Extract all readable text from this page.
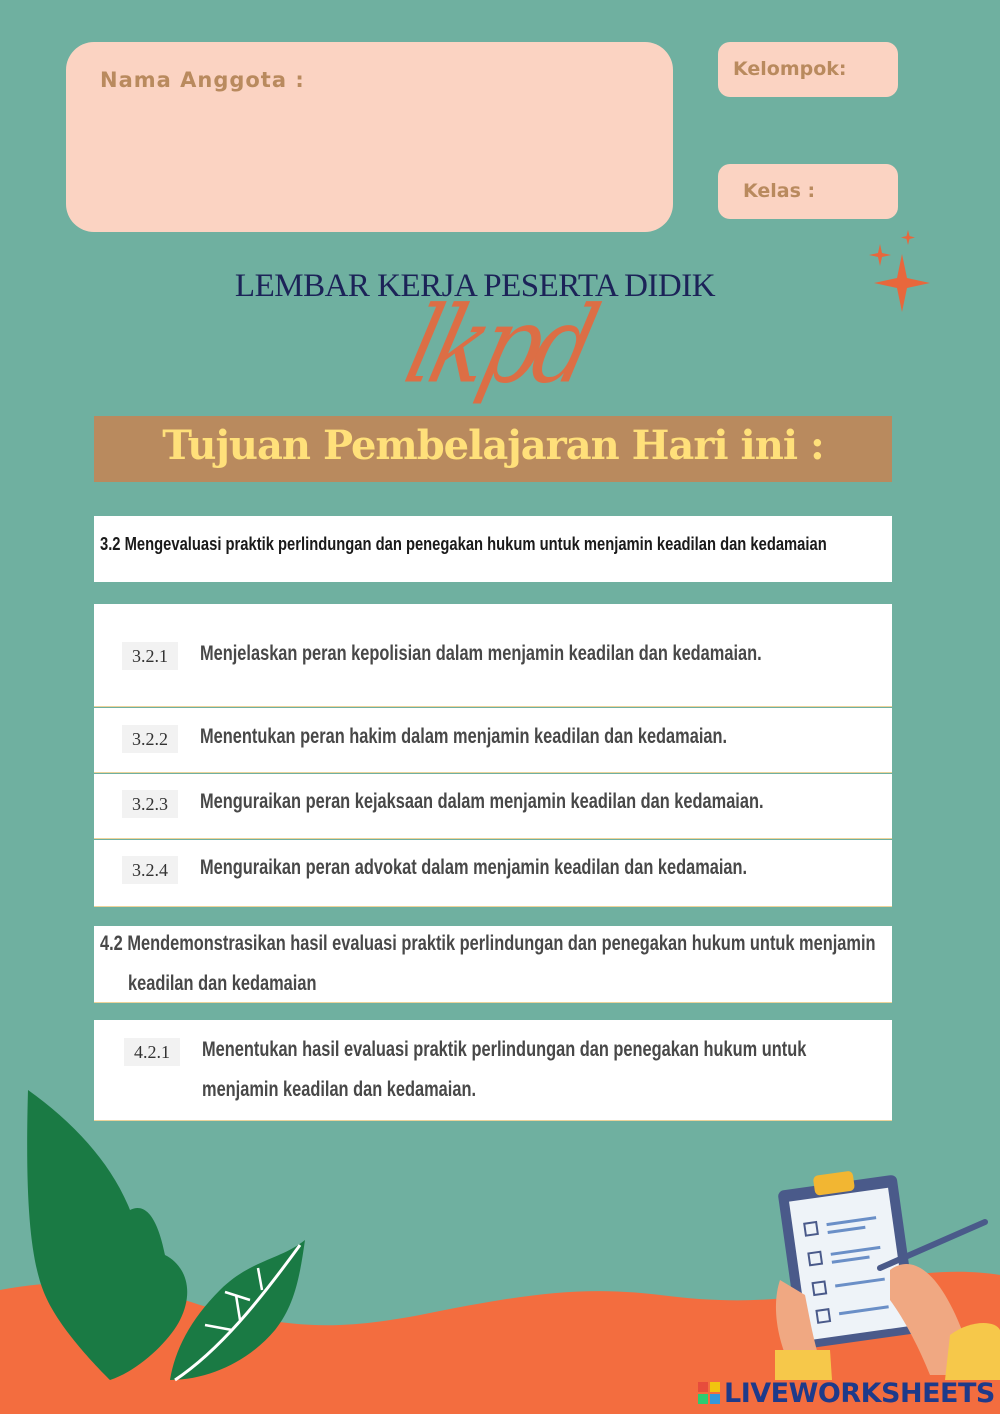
Nama Anggota :	Kelompok:
Kelas :
LEMBAR KERJA PESERTA DIDIK
lkpd
Tujuan Pembelajaran Hari ini :
3.2 Mengevaluasi praktik perlindungan dan penegakan hukum untuk menjamin keadilan dan kedamaian
3.2.1	Menjelaskan peran kepolisian dalam menjamin keadilan dan kedamaian.
3.2.2	Menentukan peran hakim dalam menjamin keadilan dan kedamaian.
3.2.3	Menguraikan peran kejaksaan dalam menjamin keadilan dan kedamaian.
3.2.4	Menguraikan peran advokat dalam menjamin keadilan dan kedamaian.
4.2 Mendemonstrasikan hasil evaluasi praktik perlindungan dan penegakan hukum untuk menjamin
keadilan dan kedamaian
4.2.1	Menentukan hasil evaluasi praktik perlindungan dan penegakan hukum untuk
menjamin keadilan dan kedamaian.
LIVEWORKSHEETS
